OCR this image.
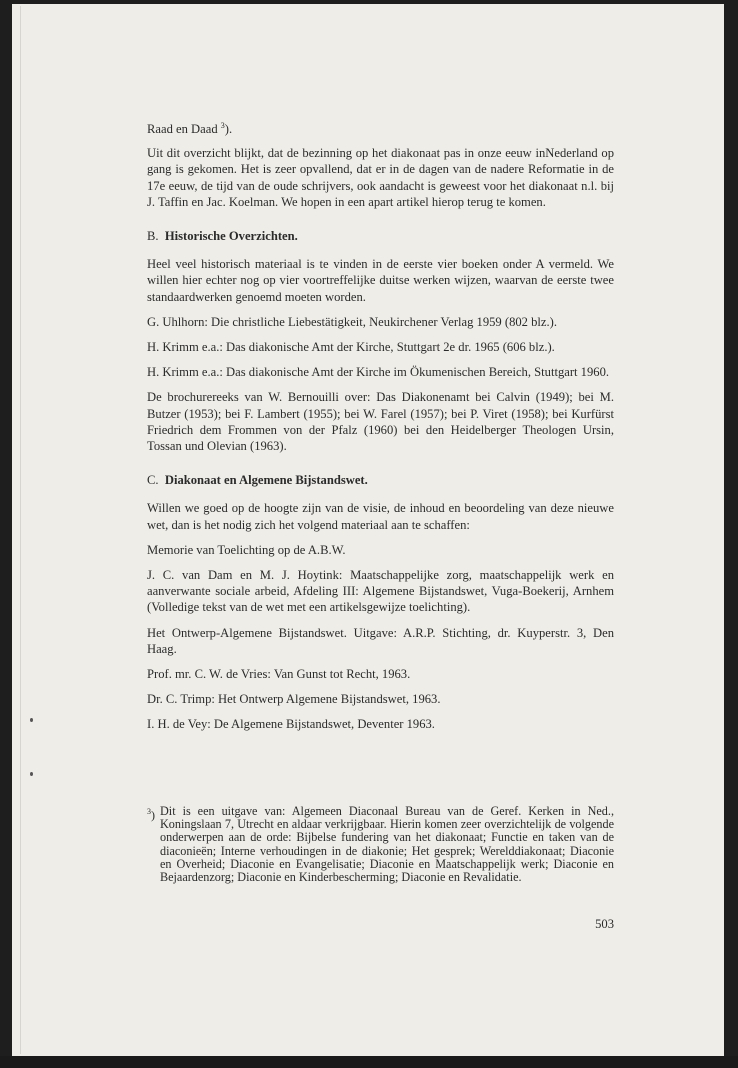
Raad en Daad $^3$).

Uit dit overzicht blijkt, dat de bezinning op het diakonaat pas in onze eeuw inNederland op gang is gekomen. Het is zeer opvallend, dat er in de dagen van de nadere Reformatie in de 17e eeuw, de tijd van de oude schrijvers, ook aandacht is geweest voor het diakonaat n.l. bij J. Taffin en Jac. Koelman. We hopen in een apart artikel hierop terug te komen.

B. Historische Overzichten.

Heel veel historisch materiaal is te vinden in de eerste vier boeken onder A vermeld. We willen hier echter nog op vier voortreffelijke duitse werken wijzen, waarvan de eerste twee standaardwerken genoemd moeten worden.

G. Uhlhorn: Die christliche Liebestätigkeit, Neukirchener Verlag 1959 (802 blz.).

H. Krimm e.a.: Das diakonische Amt der Kirche, Stuttgart 2e dr. 1965 (606 blz.).

H. Krimm e.a.: Das diakonische Amt der Kirche im Ökumenischen Bereich, Stuttgart 1960.

De brochurereeks van W. Bernouilli over: Das Diakonenamt bei Calvin (1949); bei M. Butzer (1953); bei F. Lambert (1955); bei W. Farel (1957); bei P. Viret (1958); bei Kurfürst Friedrich dem Frommen von der Pfalz (1960) bei den Heidelberger Theologen Ursin, Tossan und Olevian (1963).

C. Diakonaat en Algemene Bijstandswet.

Willen we goed op de hoogte zijn van de visie, de inhoud en beoordeling van deze nieuwe wet, dan is het nodig zich het volgend materiaal aan te schaffen:

Memorie van Toelichting op de A.B.W.

J. C. van Dam en M. J. Hoytink: Maatschappelijke zorg, maatschappelijk werk en aanverwante sociale arbeid, Afdeling III: Algemene Bijstandswet, Vuga-Boekerij, Arnhem (Volledige tekst van de wet met een artikelsgewijze toelichting).

Het Ontwerp-Algemene Bijstandswet. Uitgave: A.R.P. Stichting, dr. Kuyperstr. 3, Den Haag.

Prof. mr. C. W. de Vries: Van Gunst tot Recht, 1963.

Dr. C. Trimp: Het Ontwerp Algemene Bijstandswet, 1963.

I. H. de Vey: De Algemene Bijstandswet, Deventer 1963.

$^3$) Dit is een uitgave van: Algemeen Diaconaal Bureau van de Geref. Kerken in Ned., Koningslaan 7, Utrecht en aldaar verkrijgbaar. Hierin komen zeer overzichtelijk de volgende onderwerpen aan de orde: Bijbelse fundering van het diakonaat; Functie en taken van de diaconieën; Interne verhoudingen in de diakonie; Het gesprek; Werelddiakonaat; Diaconie en Overheid; Diaconie en Evangelisatie; Diaconie en Maatschappelijk werk; Diaconie en Bejaardenzorg; Diaconie en Kinderbescherming; Diaconie en Revalidatie.
503
